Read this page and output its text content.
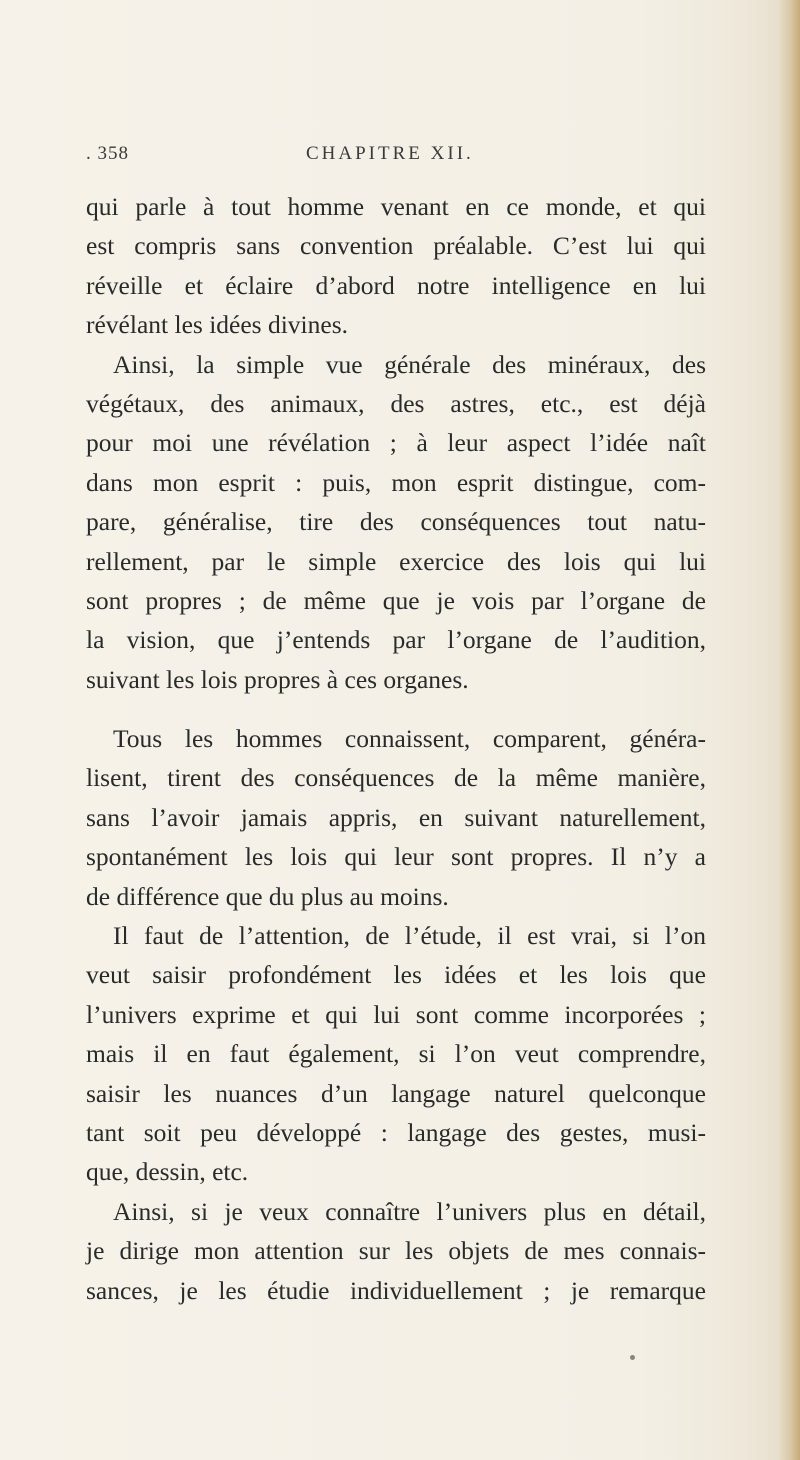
. 358	CHAPITRE XII.
qui parle à tout homme venant en ce monde, et qui
est compris sans convention préalable. C’est lui qui
réveille et éclaire d’abord notre intelligence en lui
révélant les idées divines.
Ainsi, la simple vue générale des minéraux, des
végétaux, des animaux, des astres, etc., est déjà
pour moi une révélation ; à leur aspect l’idée naît
dans mon esprit : puis, mon esprit distingue, com-
pare, généralise, tire des conséquences tout natu-
rellement, par le simple exercice des lois qui lui
sont propres ; de même que je vois par l’organe de
la vision, que j’entends par l’organe de l’audition,
suivant les lois propres à ces organes.
Tous les hommes connaissent, comparent, généra-
lisent, tirent des conséquences de la même manière,
sans l’avoir jamais appris, en suivant naturellement,
spontanément les lois qui leur sont propres. Il n’y a
de différence que du plus au moins.
Il faut de l’attention, de l’étude, il est vrai, si l’on
veut saisir profondément les idées et les lois que
l’univers exprime et qui lui sont comme incorporées ;
mais il en faut également, si l’on veut comprendre,
saisir les nuances d’un langage naturel quelconque
tant soit peu développé : langage des gestes, musi-
que, dessin, etc.
Ainsi, si je veux connaître l’univers plus en détail,
je dirige mon attention sur les objets de mes connais-
sances, je les étudie individuellement ; je remarque
